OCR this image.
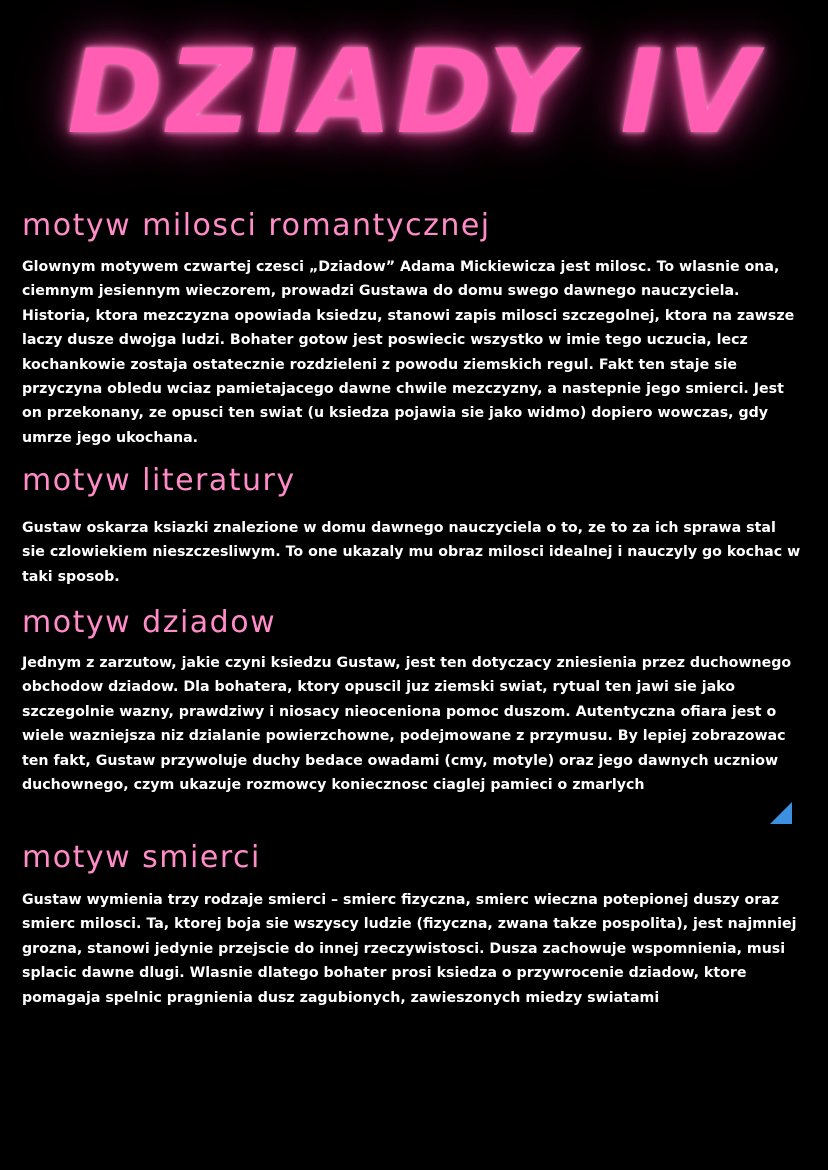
DZIADY IV
motyw milosci romantycznej

Glownym motywem czwartej czesci „Dziadow” Adama Mickiewicza jest milosc. To wlasnie ona, ciemnym jesiennym wieczorem, prowadzi Gustawa do domu swego dawnego nauczyciela. Historia, ktora mezczyzna opowiada ksiedzu, stanowi zapis milosci szczegolnej, ktora na zawsze laczy dusze dwojga ludzi. Bohater gotow jest poswiecic wszystko w imie tego uczucia, lecz kochankowie zostaja ostatecznie rozdzieleni z powodu ziemskich regul. Fakt ten staje sie przyczyna obledu wciaz pamietajacego dawne chwile mezczyzny, a nastepnie jego smierci. Jest on przekonany, ze opusci ten swiat (u ksiedza pojawia sie jako widmo) dopiero wowczas, gdy umrze jego ukochana.

motyw literatury

Gustaw oskarza ksiazki znalezione w domu dawnego nauczyciela o to, ze to za ich sprawa stal sie czlowiekiem nieszczesliwym. To one ukazaly mu obraz milosci idealnej i nauczyly go kochac w taki sposob.

motyw dziadow

Jednym z zarzutow, jakie czyni ksiedzu Gustaw, jest ten dotyczacy zniesienia przez duchownego obchodow dziadow. Dla bohatera, ktory opuscil juz ziemski swiat, rytual ten jawi sie jako szczegolnie wazny, prawdziwy i niosacy nieoceniona pomoc duszom. Autentyczna ofiara jest o wiele wazniejsza niz dzialanie powierzchowne, podejmowane z przymusu. By lepiej zobrazowac ten fakt, Gustaw przywoluje duchy bedace owadami (cmy, motyle) oraz jego dawnych uczniow duchownego, czym ukazuje rozmowcy koniecznosc ciaglej pamieci o zmarlych

motyw smierci

Gustaw wymienia trzy rodzaje smierci – smierc fizyczna, smierc wieczna potepionej duszy oraz smierc milosci. Ta, ktorej boja sie wszyscy ludzie (fizyczna, zwana takze pospolita), jest najmniej grozna, stanowi jedynie przejscie do innej rzeczywistosci. Dusza zachowuje wspomnienia, musi splacic dawne dlugi. Wlasnie dlatego bohater prosi ksiedza o przywrocenie dziadow, ktore pomagaja spelnic pragnienia dusz zagubionych, zawieszonych miedzy swiatami
